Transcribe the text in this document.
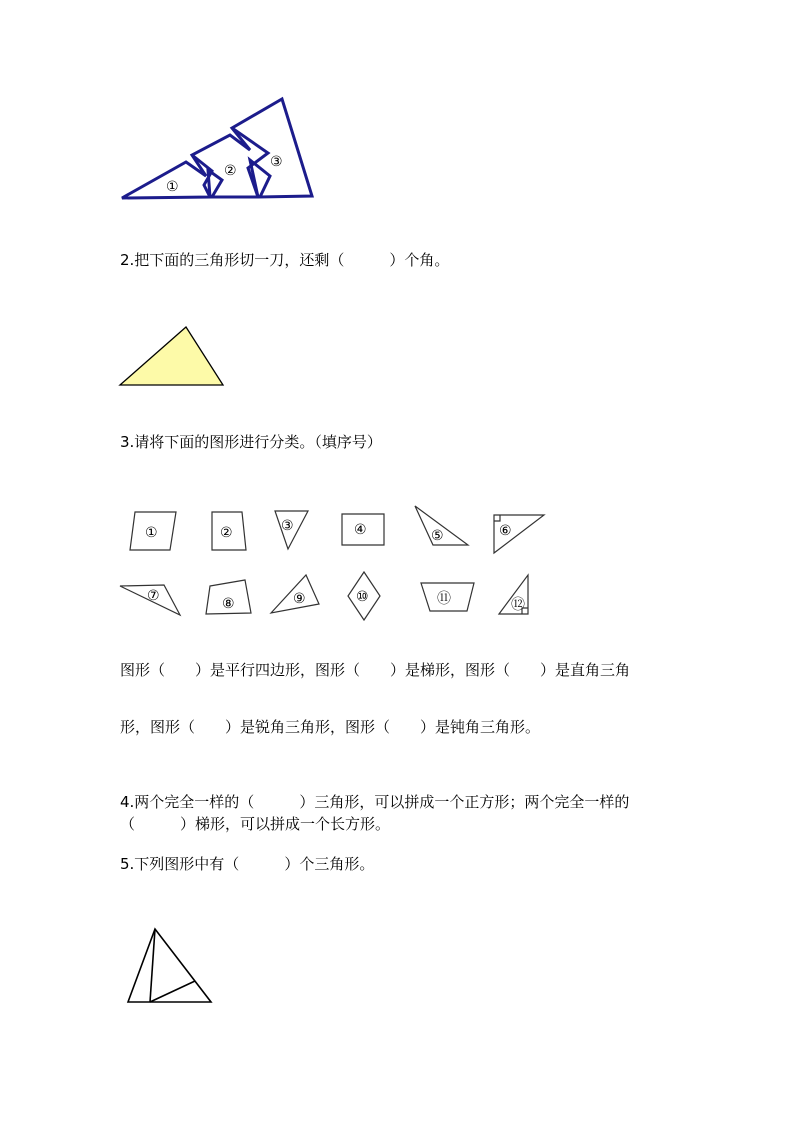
①
②
③
2.把下面的三角形切一刀，还剩（　　　）个角。
3.请将下面的图形进行分类。（填序号）
①	②	③	④	⑤	⑥
⑦	⑧	⑨	⑩	⑪	⑫
图形（　　）是平行四边形，图形（　　）是梯形，图形（　　）是直角三角
形，图形（　　）是锐角三角形，图形（　　）是钝角三角形。
4.两个完全一样的（　　　）三角形，可以拼成一个正方形；两个完全一样的
（　　　）梯形，可以拼成一个长方形。
5.下列图形中有（　　　）个三角形。
